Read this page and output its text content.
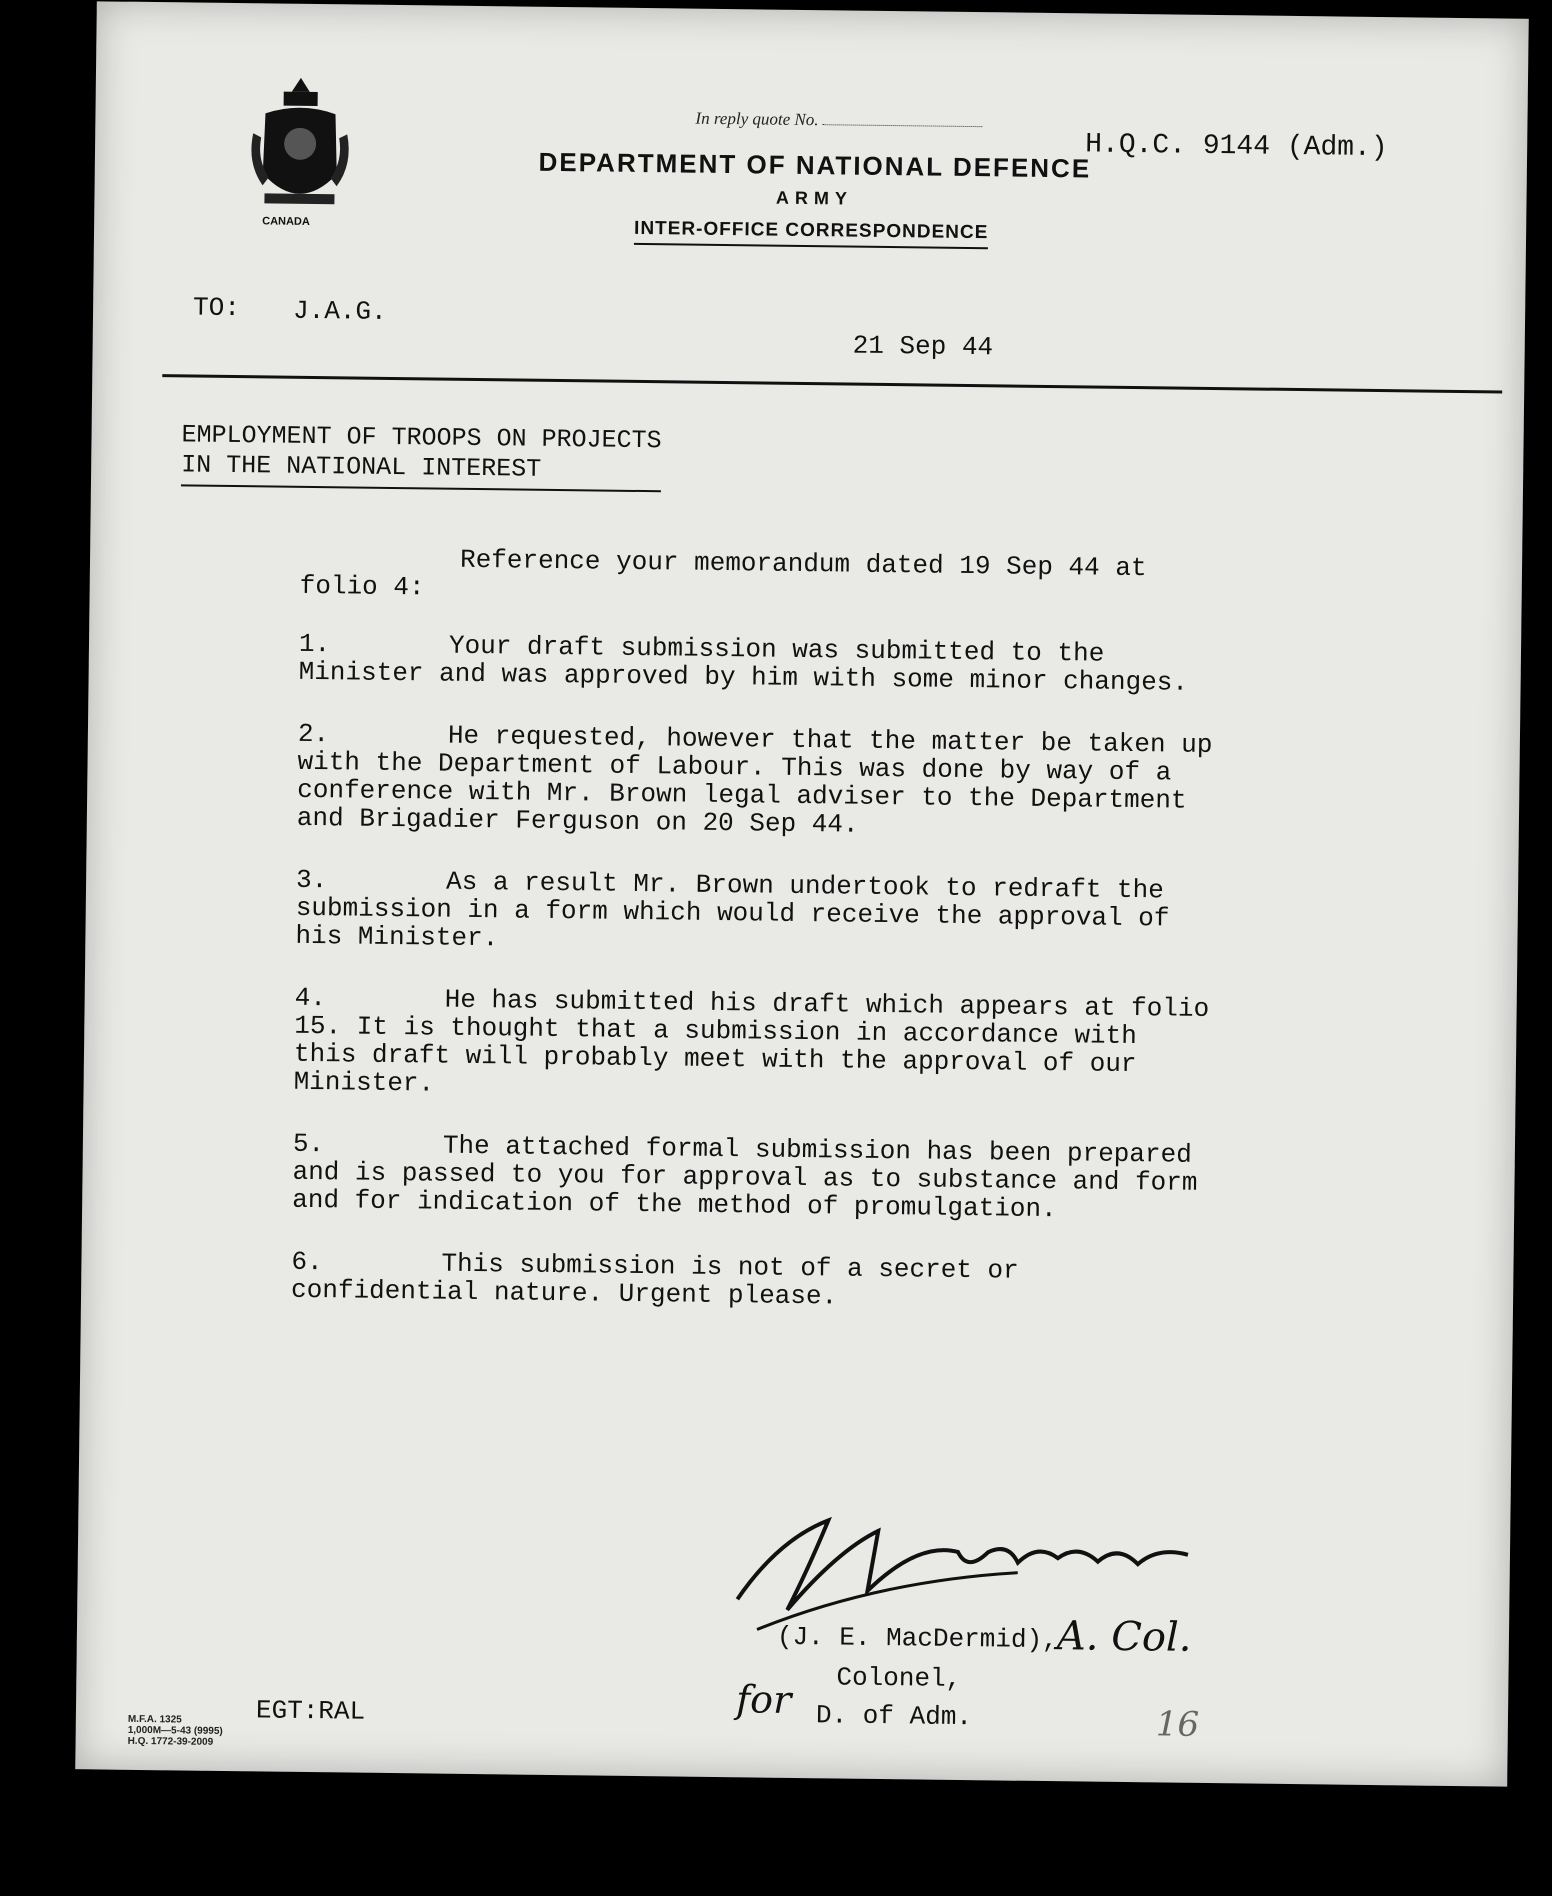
CANADA
In reply quote No.
H.Q.C. 9144 (Adm.)
DEPARTMENT OF NATIONAL DEFENCE
ARMY
INTER-OFFICE CORRESPONDENCE
TO: J.A.G.
21 Sep 44
EMPLOYMENT OF TROOPS ON PROJECTS
IN THE NATIONAL INTEREST

Reference your memorandum dated 19 Sep 44 at folio 4:

1.	Your draft submission was submitted to the Minister and was approved by him with some minor changes.

2.	He requested, however that the matter be taken up with the Department of Labour. This was done by way of a conference with Mr. Brown legal adviser to the Department and Brigadier Ferguson on 20 Sep 44.

3.	As a result Mr. Brown undertook to redraft the submission in a form which would receive the approval of his Minister.

4.	He has submitted his draft which appears at folio 15. It is thought that a submission in accordance with this draft will probably meet with the approval of our Minister.

5.	The attached formal submission has been prepared and is passed to you for approval as to substance and form and for indication of the method of promulgation.

6.	This submission is not of a secret or confidential nature. Urgent please.

(J. E. MacDermid),
A. Col.
Colonel,
for D. of Adm.
EGT:RAL
M.F.A. 1325
1,000M—5-43 (9995)
H.Q. 1772-39-2009	16
